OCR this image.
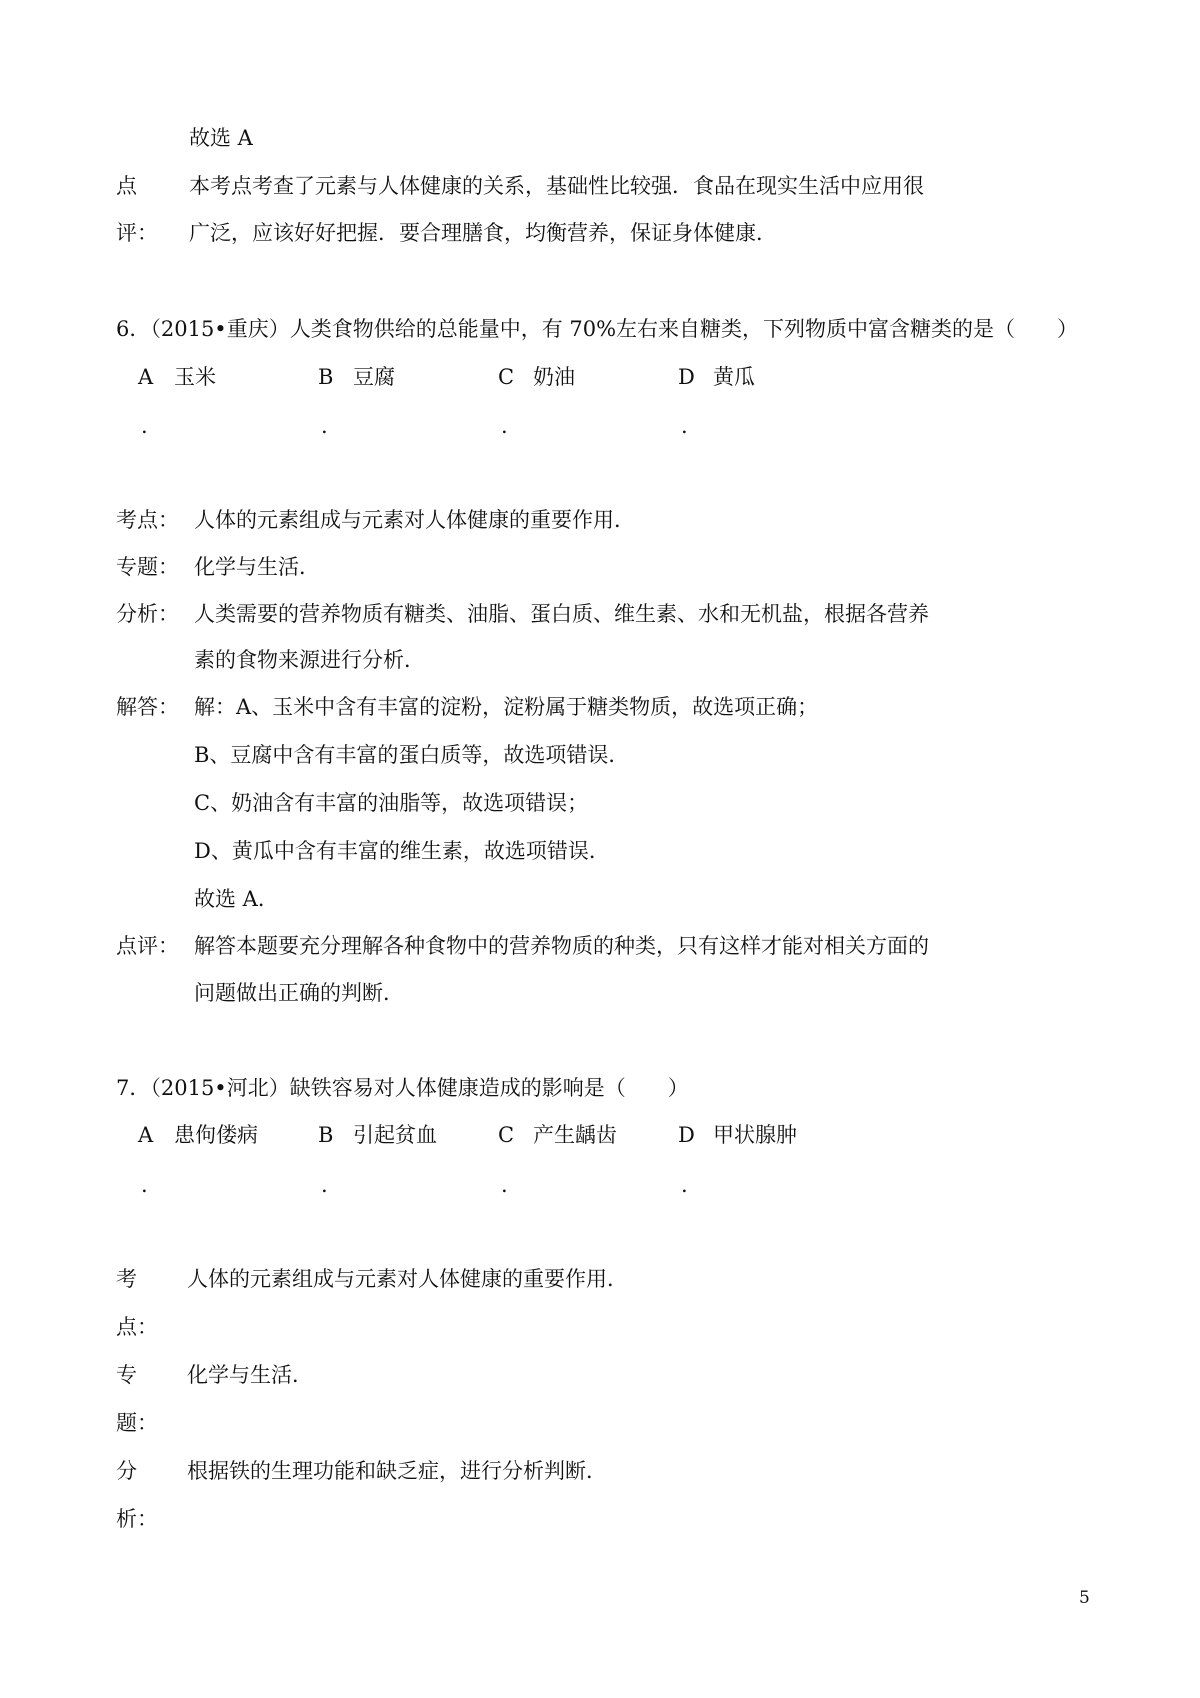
故选 A
点 本考点考查了元素与人体健康的关系，基础性比较强．食品在现实生活中应用很
评： 广泛，应该好好把握．要合理膳食，均衡营养，保证身体健康．
6．（2015•重庆）人类食物供给的总能量中，有 70%左右来自糖类，下列物质中富含糖类的是（　　）
A 玉米	B 豆腐	C 奶油	D 黄瓜
.	.	.	.
考点： 人体的元素组成与元素对人体健康的重要作用．
专题： 化学与生活．
分析： 人类需要的营养物质有糖类、油脂、蛋白质、维生素、水和无机盐，根据各营养
素的食物来源进行分析．
解答： 解：A、玉米中含有丰富的淀粉，淀粉属于糖类物质，故选项正确；
B、豆腐中含有丰富的蛋白质等，故选项错误．
C、奶油含有丰富的油脂等，故选项错误；
D、黄瓜中含有丰富的维生素，故选项错误．
故选 A．
点评： 解答本题要充分理解各种食物中的营养物质的种类，只有这样才能对相关方面的
问题做出正确的判断．
7．（2015•河北）缺铁容易对人体健康造成的影响是（　　）
A 患佝偻病	B 引起贫血	C 产生龋齿	D 甲状腺肿
.	.	.	.
考 人体的元素组成与元素对人体健康的重要作用．
点：
专 化学与生活．
题：
分 根据铁的生理功能和缺乏症，进行分析判断．
析：
5
